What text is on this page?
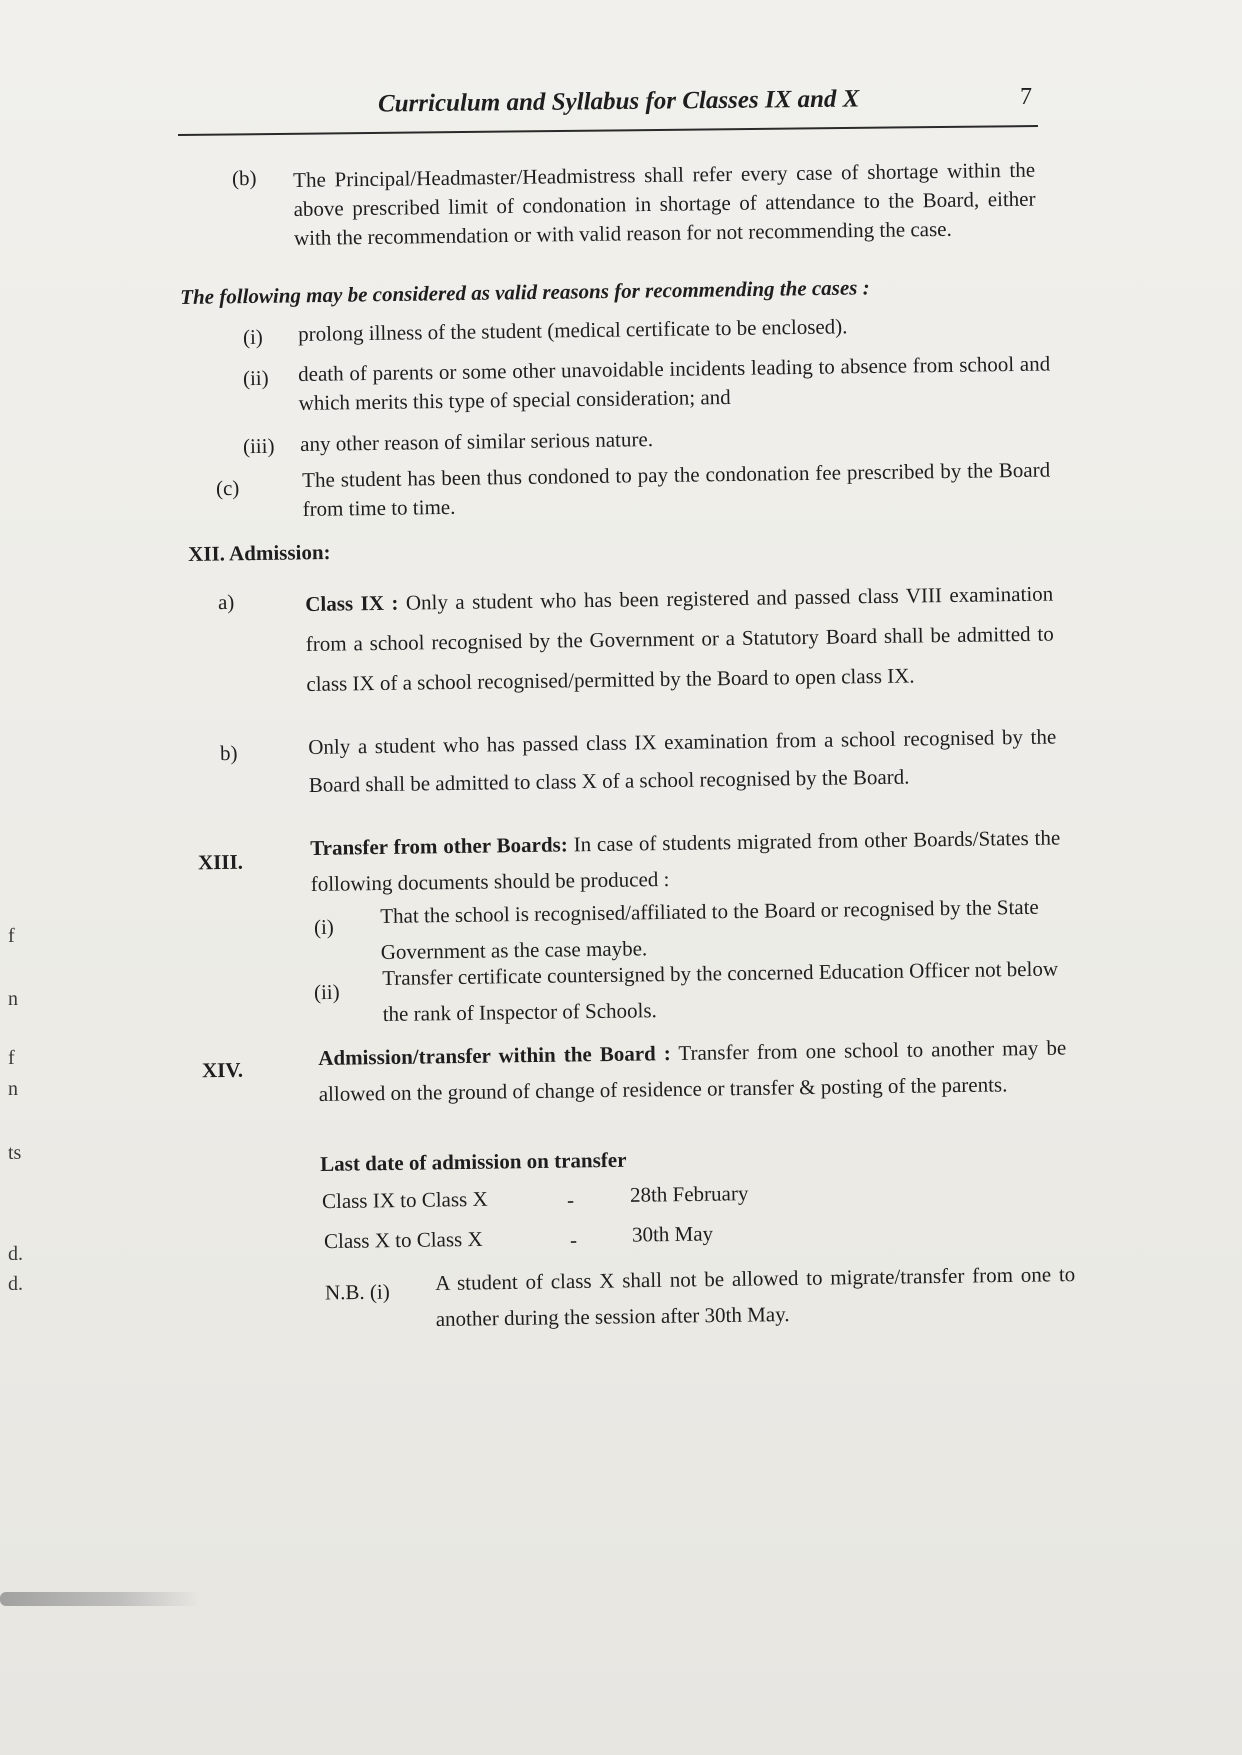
Curriculum and Syllabus for Classes IX and X	7
(b) The Principal/Headmaster/Headmistress shall refer every case of shortage within the above prescribed limit of condonation in shortage of attendance to the Board, either with the recommendation or with valid reason for not recommending the case.
The following may be considered as valid reasons for recommending the cases :
(i) prolong illness of the student (medical certificate to be enclosed).
(ii) death of parents or some other unavoidable incidents leading to absence from school and which merits this type of special consideration; and
(iii) any other reason of similar serious nature.
(c)	The student has been thus condoned to pay the condonation fee prescribed by the Board from time to time.
XII. Admission:
a)	Class IX : Only a student who has been registered and passed class VIII examination from a school recognised by the Government or a Statutory Board shall be admitted to class IX of a school recognised/permitted by the Board to open class IX.
b)	Only a student who has passed class IX examination from a school recognised by the Board shall be admitted to class X of a school recognised by the Board.
XIII.
Transfer from other Boards: In case of students migrated from other Boards/States the following documents should be produced :
(i) That the school is recognised/affiliated to the Board or recognised by the State Government as the case maybe.
(ii)
Transfer certificate countersigned by the concerned Education Officer not below the rank of Inspector of Schools.
XIV.
Admission/transfer within the Board : Transfer from one school to another may be allowed on the ground of change of residence or transfer & posting of the parents.
Last date of admission on transfer
Class IX to Class X	-	28th February
Class X to Class X	-	30th May
N.B. (i) A student of class X shall not be allowed to migrate/transfer from one to another during the session after 30th May.
f
n
f
n
ts
d.
d.
